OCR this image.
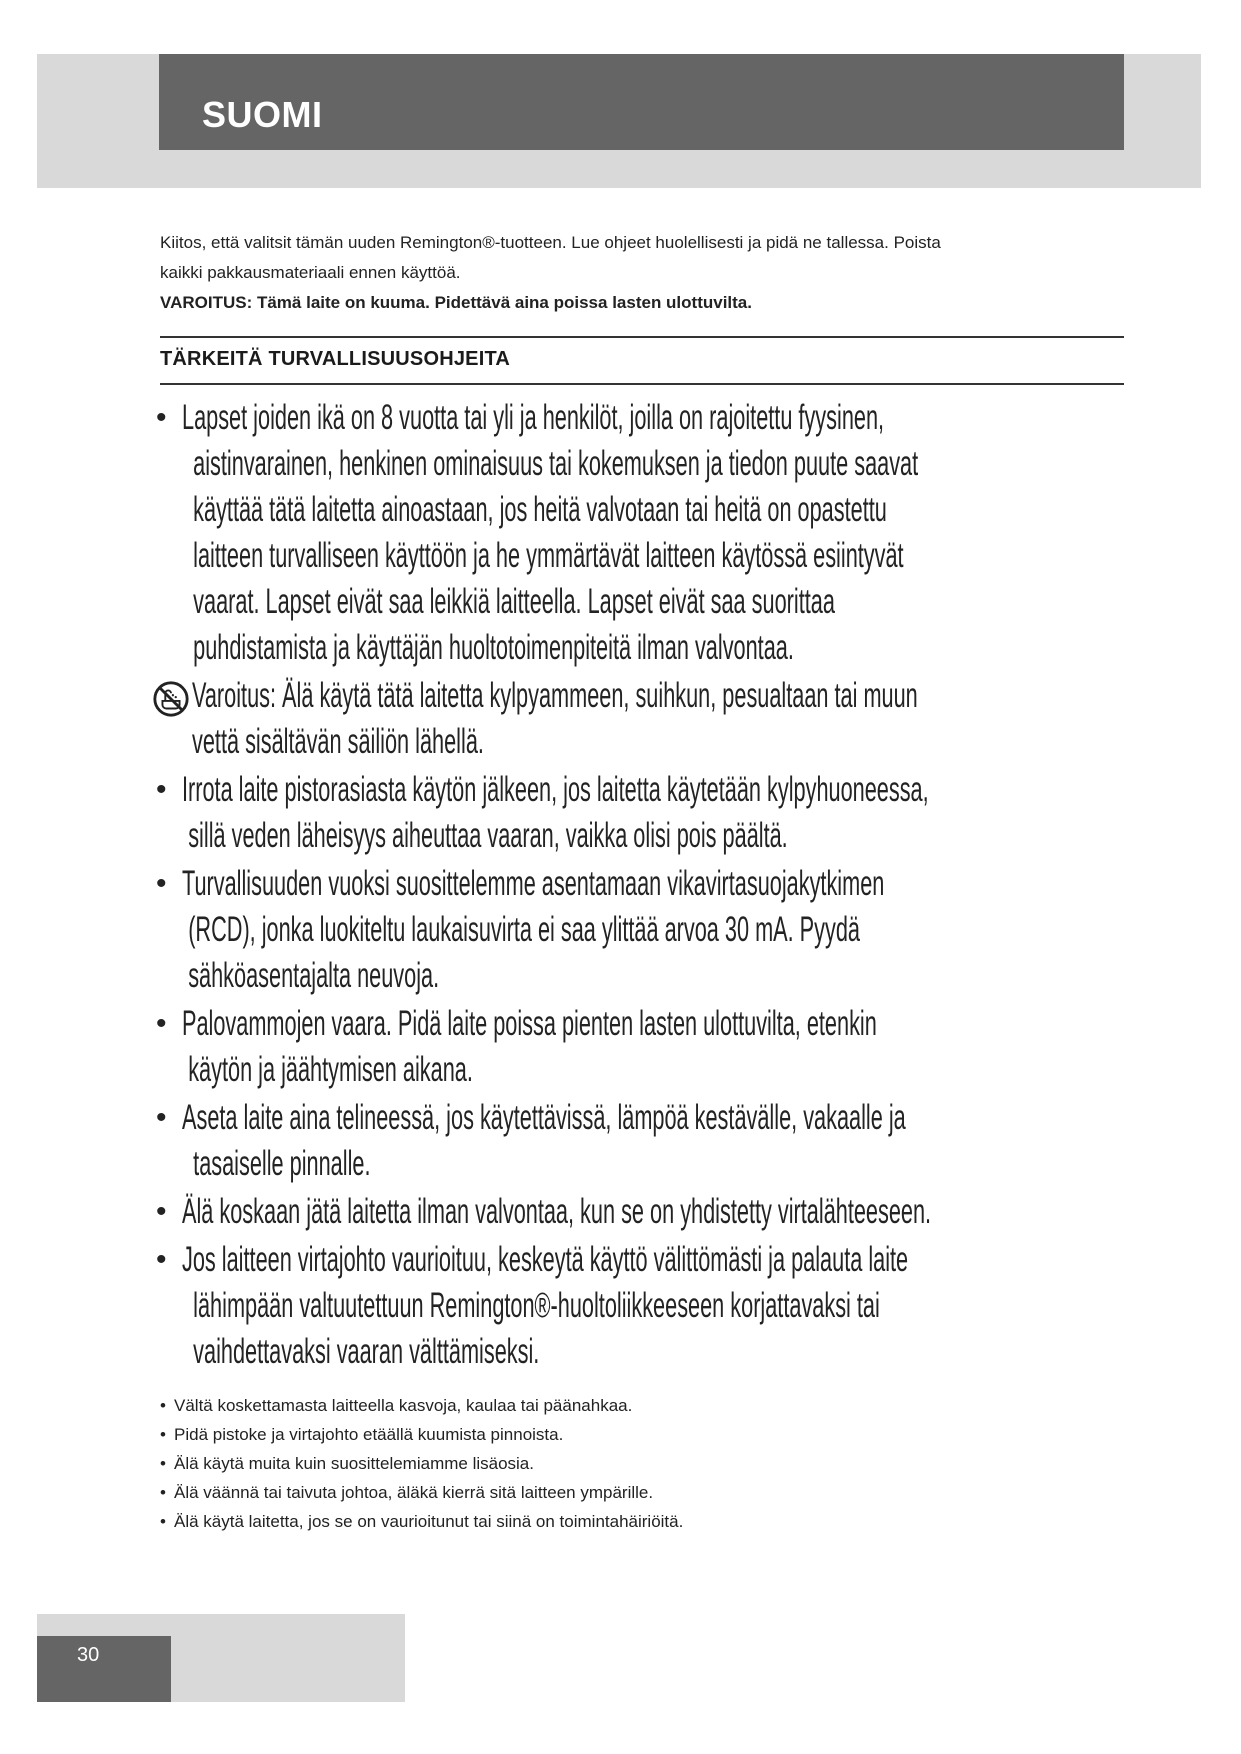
SUOMI
Kiitos, että valitsit tämän uuden Remington®-tuotteen. Lue ohjeet huolellisesti ja pidä ne tallessa. Poista
kaikki pakkausmateriaali ennen käyttöä.
VAROITUS: Tämä laite on kuuma. Pidettävä aina poissa lasten ulottuvilta.
TÄRKEITÄ TURVALLISUUSOHJEITA
• Lapset joiden ikä on 8 vuotta tai yli ja henkilöt, joilla on rajoitettu fyysinen,
aistinvarainen, henkinen ominaisuus tai kokemuksen ja tiedon puute saavat
käyttää tätä laitetta ainoastaan, jos heitä valvotaan tai heitä on opastettu
laitteen turvalliseen käyttöön ja he ymmärtävät laitteen käytössä esiintyvät
vaarat. Lapset eivät saa leikkiä laitteella. Lapset eivät saa suorittaa
puhdistamista ja käyttäjän huoltotoimenpiteitä ilman valvontaa.
Varoitus: Älä käytä tätä laitetta kylpyammeen, suihkun, pesualtaan tai muun
vettä sisältävän säiliön lähellä.
• Irrota laite pistorasiasta käytön jälkeen, jos laitetta käytetään kylpyhuoneessa,
sillä veden läheisyys aiheuttaa vaaran, vaikka olisi pois päältä.
• Turvallisuuden vuoksi suosittelemme asentamaan vikavirtasuojakytkimen
(RCD), jonka luokiteltu laukaisuvirta ei saa ylittää arvoa 30 mA. Pyydä
sähköasentajalta neuvoja.
• Palovammojen vaara. Pidä laite poissa pienten lasten ulottuvilta, etenkin
käytön ja jäähtymisen aikana.
• Aseta laite aina telineessä, jos käytettävissä, lämpöä kestävälle, vakaalle ja
tasaiselle pinnalle.
• Älä koskaan jätä laitetta ilman valvontaa, kun se on yhdistetty virtalähteeseen.
• Jos laitteen virtajohto vaurioituu, keskeytä käyttö välittömästi ja palauta laite
lähimpään valtuutettuun Remington®-huoltoliikkeeseen korjattavaksi tai
vaihdettavaksi vaaran välttämiseksi.
• Vältä koskettamasta laitteella kasvoja, kaulaa tai päänahkaa.
• Pidä pistoke ja virtajohto etäällä kuumista pinnoista.
• Älä käytä muita kuin suosittelemiamme lisäosia.
• Älä väännä tai taivuta johtoa, äläkä kierrä sitä laitteen ympärille.
• Älä käytä laitetta, jos se on vaurioitunut tai siinä on toimintahäiriöitä.
30
